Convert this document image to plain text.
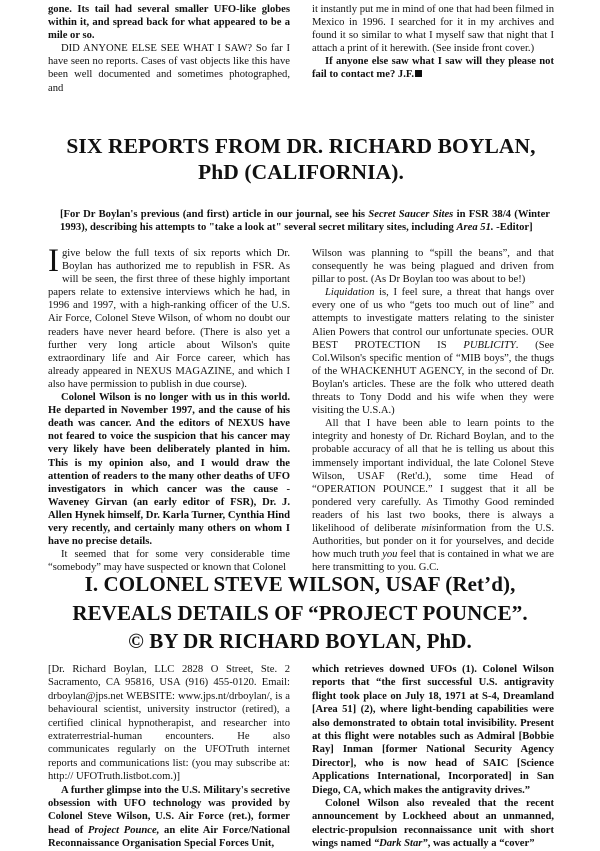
gone. Its tail had several smaller UFO-like globes within it, and spread back for what appeared to be a mile or so.

DID ANYONE ELSE SEE WHAT I SAW? So far I have seen no reports. Cases of vast objects like this have been well documented and sometimes photographed, and

it instantly put me in mind of one that had been filmed in Mexico in 1996. I searched for it in my archives and found it so similar to what I myself saw that night that I attach a print of it herewith. (See inside front cover.)

If anyone else saw what I saw will they please not fail to contact me? J.F.

SIX REPORTS FROM DR. RICHARD BOYLAN, PhD (CALIFORNIA).
[For Dr Boylan's previous (and first) article in our journal, see his Secret Saucer Sites in FSR 38/4 (Winter 1993), describing his attempts to "take a look at" several secret military sites, including Area 51. -Editor]

Igive below the full texts of six reports which Dr. Boylan has authorized me to republish in FSR. As will be seen, the first three of these highly important papers relate to extensive interviews which he had, in 1996 and 1997, with a high-ranking officer of the U.S. Air Force, Colonel Steve Wilson, of whom no doubt our readers have never heard before. (There is also yet a further very long article about Wilson's quite extraordinary life and Air Force career, which has already appeared in NEXUS MAGAZINE, and which I also have permission to publish in due course).

Colonel Wilson is no longer with us in this world. He departed in November 1997, and the cause of his death was cancer. And the editors of NEXUS have not feared to voice the suspicion that his cancer may very likely have been deliberately planted in him. This is my opinion also, and I would draw the attention of readers to the many other deaths of UFO investigators in which cancer was the cause - Waveney Girvan (an early editor of FSR), Dr. J. Allen Hynek himself, Dr. Karla Turner, Cynthia Hind very recently, and certainly many others on whom I have no precise details.

It seemed that for some very considerable time “somebody” may have suspected or known that Colonel

Wilson was planning to “spill the beans”, and that consequently he was being plagued and driven from pillar to post. (As Dr Boylan too was about to be!)

Liquidation is, I feel sure, a threat that hangs over every one of us who “gets too much out of line” and attempts to investigate matters relating to the sinister Alien Powers that control our unfortunate species. OUR BEST PROTECTION IS PUBLICITY. (See Col.Wilson's specific mention of “MIB boys”, the thugs of the WHACKENHUT AGENCY, in the second of Dr. Boylan's articles. These are the folk who uttered death threats to Tony Dodd and his wife when they were visiting the U.S.A.)

All that I have been able to learn points to the integrity and honesty of Dr. Richard Boylan, and to the probable accuracy of all that he is telling us about this immensely important individual, the late Colonel Steve Wilson, USAF (Ret'd.), some time Head of “OPERATION POUNCE.” I suggest that it all be pondered very carefully. As Timothy Good reminded readers of his last two books, there is always a likelihood of deliberate misinformation from the U.S. Authorities, but ponder on it for yourselves, and decide how much truth you feel that is contained in what we are here transmitting to you. G.C.

I. COLONEL STEVE WILSON, USAF (Ret’d),
REVEALS DETAILS OF “PROJECT POUNCE”.
© BY DR RICHARD BOYLAN, PhD.

[Dr. Richard Boylan, LLC 2828 O Street, Ste. 2 Sacramento, CA 95816, USA (916) 455-0120. Email: drboylan@jps.net WEBSITE: www.jps.nt/drboylan/, is a behavioural scientist, university instructor (retired), a certified clinical hypnotherapist, and researcher into extraterrestrial-human encounters. He also communicates regularly on the UFOTruth internet reports and communications list: (you may subscribe at: http:// UFOTruth.listbot.com.)]

A further glimpse into the U.S. Military's secretive obsession with UFO technology was provided by Colonel Steve Wilson, U.S. Air Force (ret.), former head of Project Pounce, an elite Air Force/National Reconnaissance Organisation Special Forces Unit,

which retrieves downed UFOs (1). Colonel Wilson reports that “the first successful U.S. antigravity flight took place on July 18, 1971 at S-4, Dreamland [Area 51] (2), where light-bending capabilities were also demonstrated to obtain total invisibility. Present at this flight were notables such as Admiral [Bobbie Ray] Inman [former National Security Agency Director], who is now head of SAIC [Science Applications International, Incorporated] in San Diego, CA, which makes the antigravity drives.”

Colonel Wilson also revealed that the recent announcement by Lockheed about an unmanned, electric-propulsion reconnaissance unit with short wings named “Dark Star”, was actually a “cover”
